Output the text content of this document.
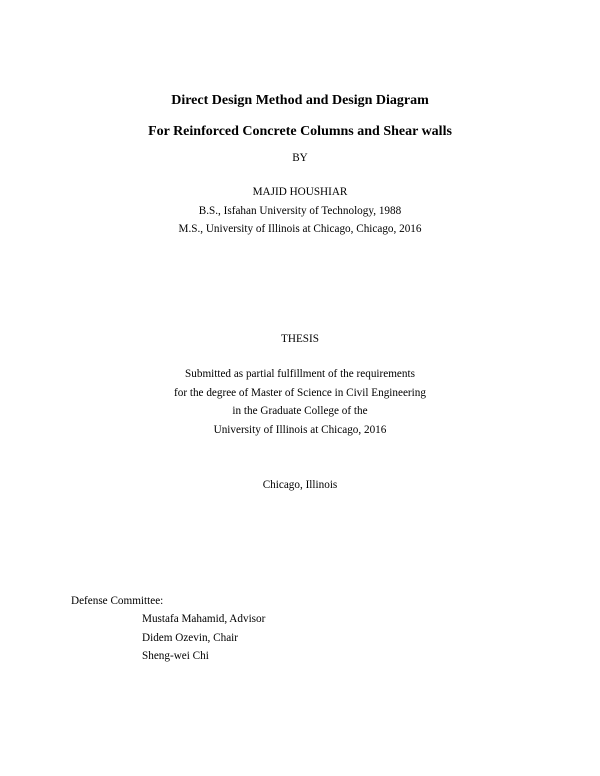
Direct Design Method and Design Diagram
For Reinforced Concrete Columns and Shear walls
BY
MAJID HOUSHIAR
B.S., Isfahan University of Technology, 1988
M.S., University of Illinois at Chicago, Chicago, 2016
THESIS
Submitted as partial fulfillment of the requirements
for the degree of Master of Science in Civil Engineering
in the Graduate College of the
University of Illinois at Chicago, 2016
Chicago, Illinois
Defense Committee:
Mustafa Mahamid, Advisor
Didem Ozevin, Chair
Sheng-wei Chi
